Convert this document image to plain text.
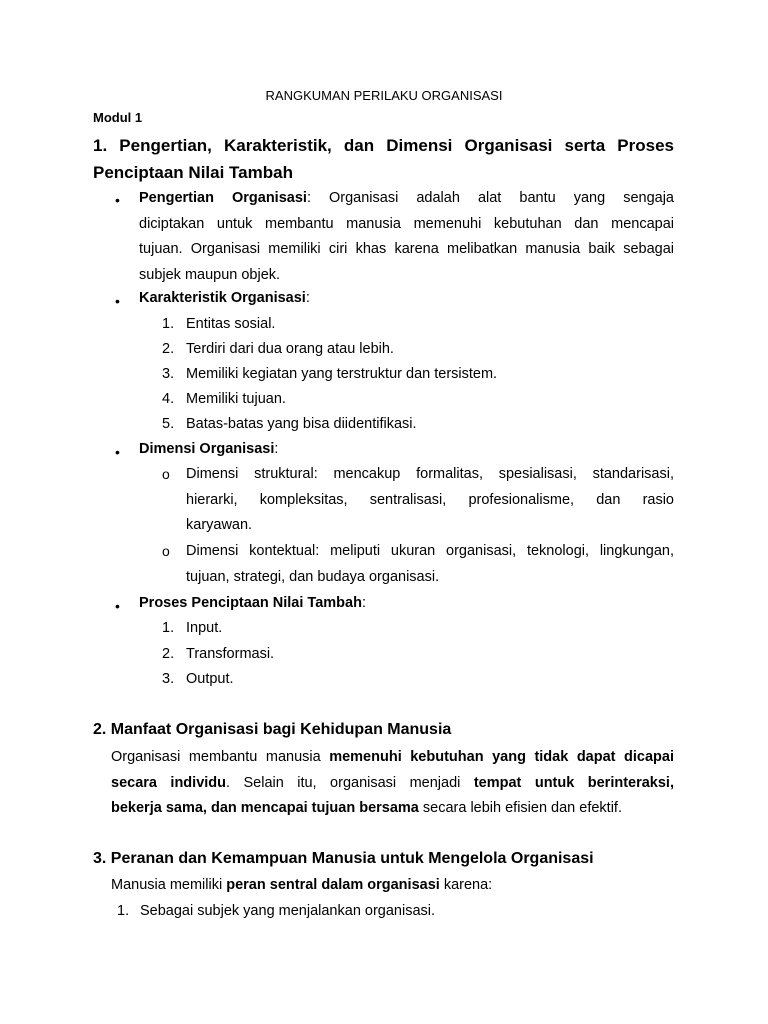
RANGKUMAN PERILAKU ORGANISASI
Modul 1
1. Pengertian, Karakteristik, dan Dimensi Organisasi serta Proses
Penciptaan Nilai Tambah
• Pengertian Organisasi: Organisasi adalah alat bantu yang sengaja
diciptakan untuk membantu manusia memenuhi kebutuhan dan mencapai
tujuan. Organisasi memiliki ciri khas karena melibatkan manusia baik sebagai
subjek maupun objek.
• Karakteristik Organisasi:
1. Entitas sosial.
2. Terdiri dari dua orang atau lebih.
3. Memiliki kegiatan yang terstruktur dan tersistem.
4. Memiliki tujuan.
5. Batas-batas yang bisa diidentifikasi.
• Dimensi Organisasi:
o Dimensi struktural: mencakup formalitas, spesialisasi, standarisasi,
hierarki, kompleksitas, sentralisasi, profesionalisme, dan rasio
karyawan.
o Dimensi kontektual: meliputi ukuran organisasi, teknologi, lingkungan,
tujuan, strategi, dan budaya organisasi.
• Proses Penciptaan Nilai Tambah:
1. Input.
2. Transformasi.
3. Output.
2. Manfaat Organisasi bagi Kehidupan Manusia
Organisasi membantu manusia memenuhi kebutuhan yang tidak dapat dicapai
secara individu. Selain itu, organisasi menjadi tempat untuk berinteraksi,
bekerja sama, dan mencapai tujuan bersama secara lebih efisien dan efektif.
3. Peranan dan Kemampuan Manusia untuk Mengelola Organisasi
Manusia memiliki peran sentral dalam organisasi karena:
1. Sebagai subjek yang menjalankan organisasi.
